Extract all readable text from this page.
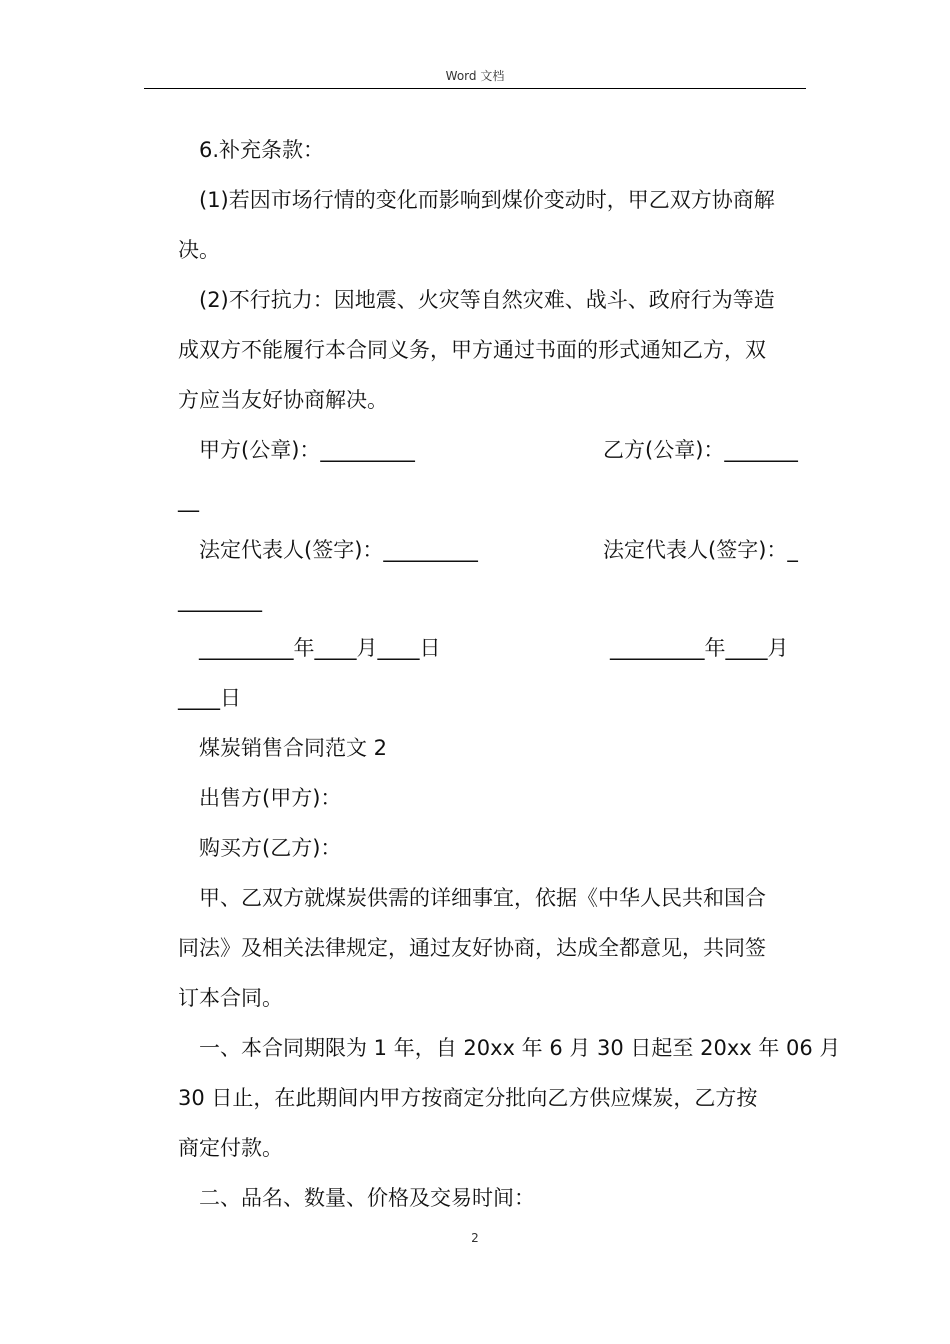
Word 文档
6.补充条款：
(1)若因市场行情的变化而影响到煤价变动时，甲乙双方协商解
决。
(2)不行抗力：因地震、火灾等自然灾难、战斗、政府行为等造
成双方不能履行本合同义务，甲方通过书面的形式通知乙方，双
方应当友好协商解决。
甲方(公章)：_________	乙方(公章)：_______
__
法定代表人(签字)：_________	法定代表人(签字)：_
________
_________年____月____日	_________年____月
____日
煤炭销售合同范文 2
出售方(甲方)：
购买方(乙方)：
甲、乙双方就煤炭供需的详细事宜，依据《中华人民共和国合
同法》及相关法律规定，通过友好协商，达成全都意见，共同签
订本合同。
一、本合同期限为 1 年，自 20xx 年 6 月 30 日起至 20xx 年 06 月
30 日止，在此期间内甲方按商定分批向乙方供应煤炭，乙方按
商定付款。
二、品名、数量、价格及交易时间：
2
